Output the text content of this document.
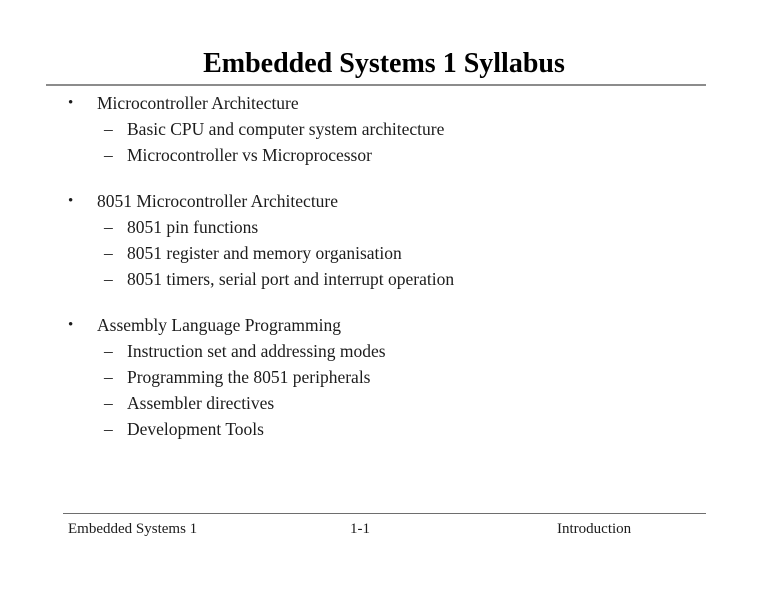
Embedded Systems 1 Syllabus
• Microcontroller Architecture
– Basic CPU and computer system architecture
– Microcontroller vs Microprocessor
• 8051 Microcontroller Architecture
– 8051 pin functions
– 8051 register and memory organisation
– 8051 timers, serial port and interrupt operation
• Assembly Language Programming
– Instruction set and addressing modes
– Programming the 8051 peripherals
– Assembler directives
– Development Tools
Embedded Systems 1	1-1	Introduction
